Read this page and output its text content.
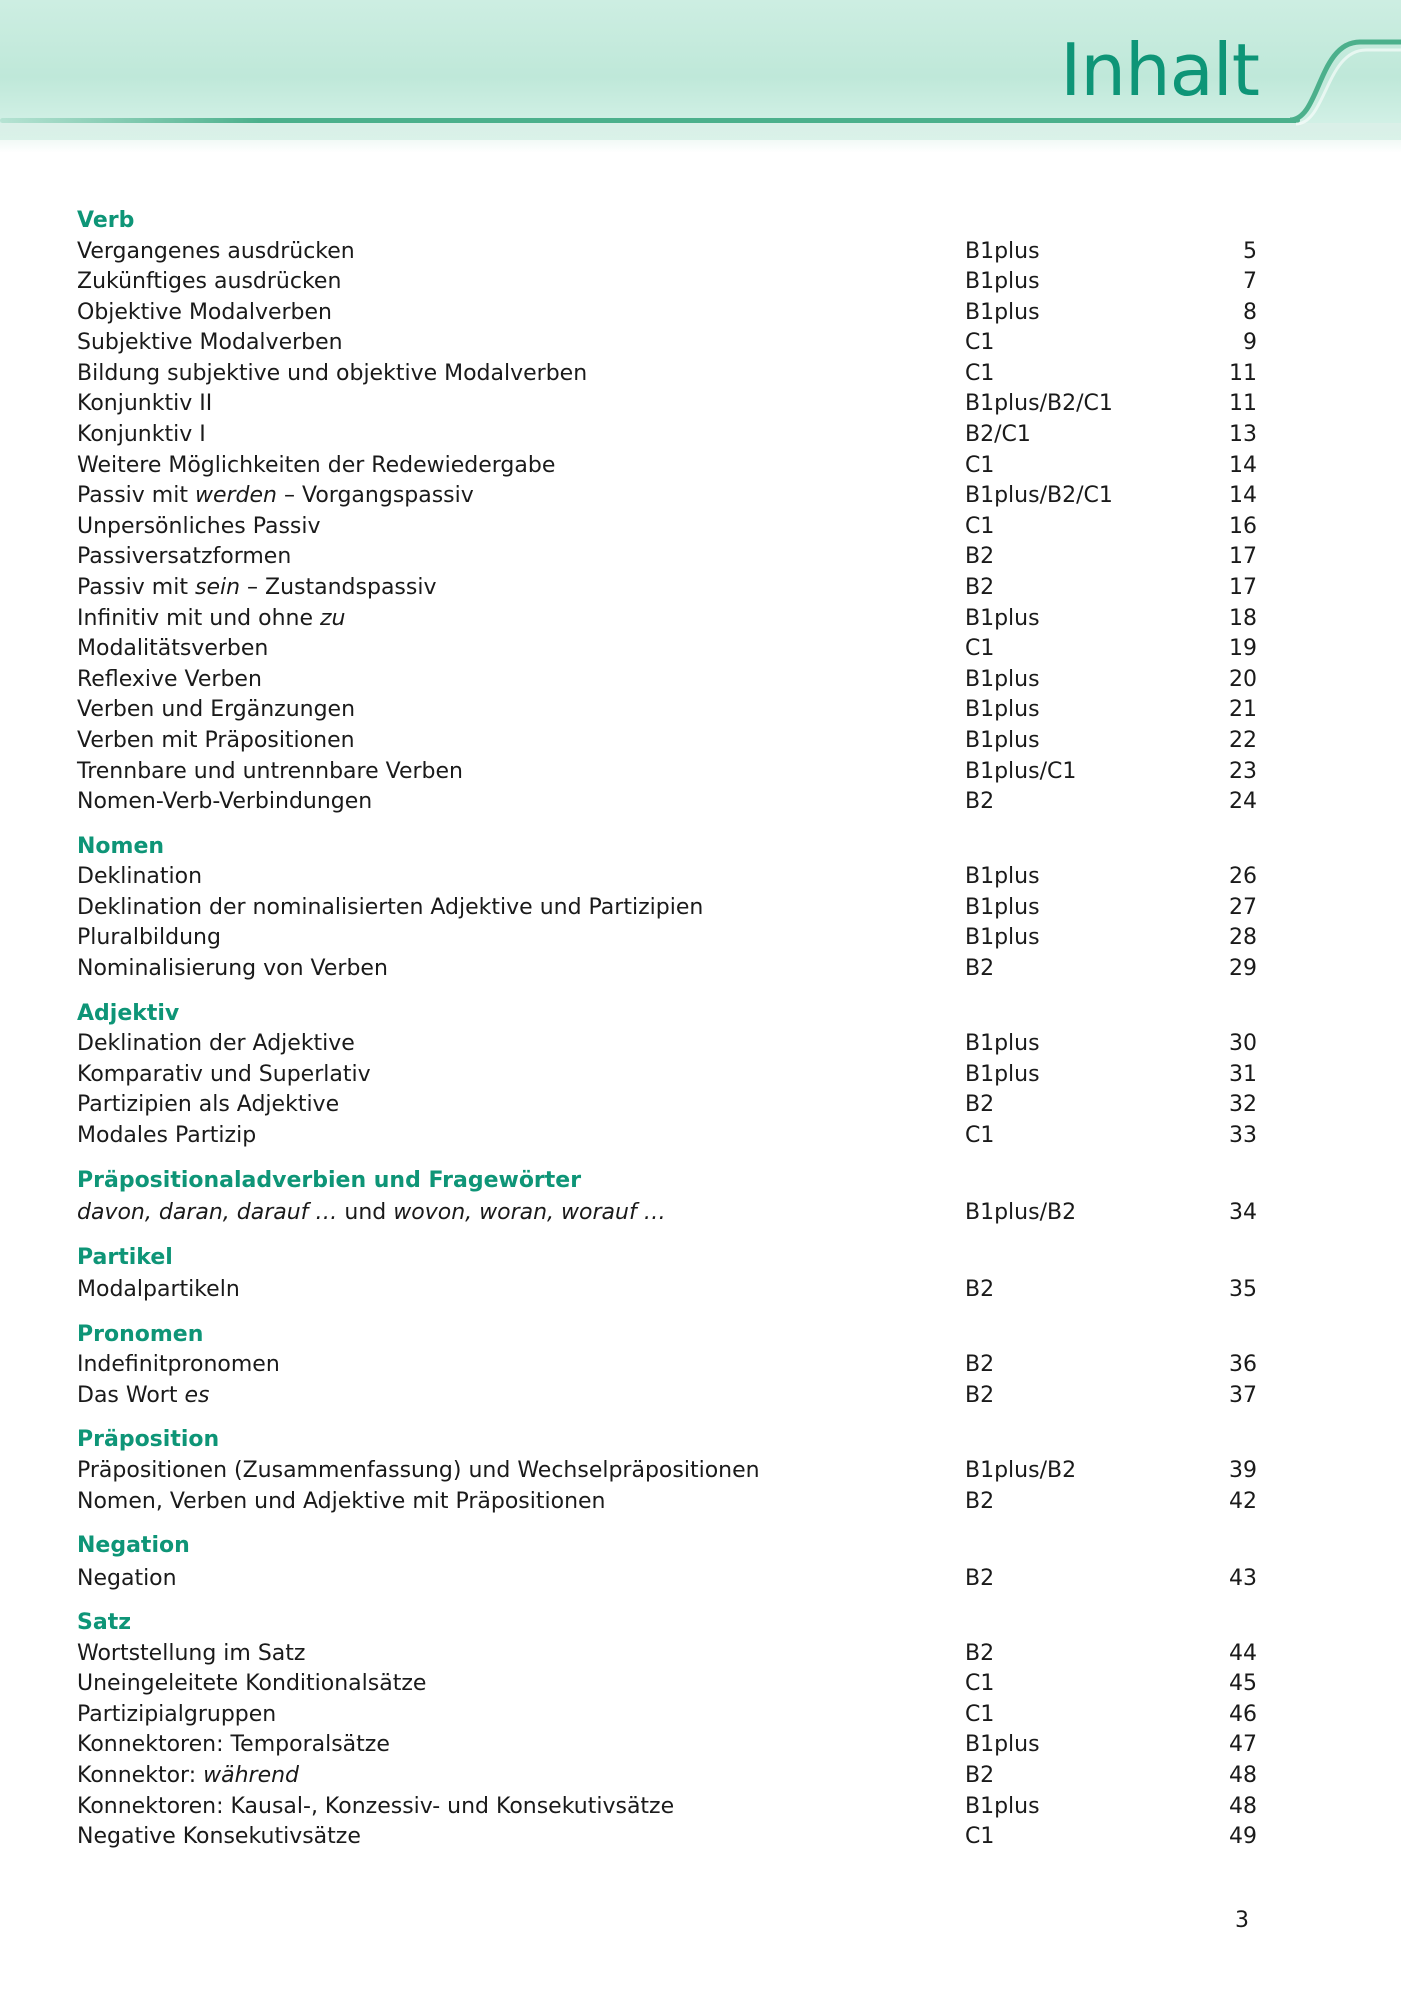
Inhalt
Verb
Vergangenes ausdrücken	B1plus	5
Zukünftiges ausdrücken	B1plus	7
Objektive Modalverben	B1plus	8
Subjektive Modalverben	C1	9
Bildung subjektive und objektive Modalverben	C1	11
Konjunktiv II	B1plus/B2/C1	11
Konjunktiv I	B2/C1	13
Weitere Möglichkeiten der Redewiedergabe	C1	14
Passiv mit werden – Vorgangspassiv	B1plus/B2/C1	14
Unpersönliches Passiv	C1	16
Passiversatzformen	B2	17
Passiv mit sein – Zustandspassiv	B2	17
Infinitiv mit und ohne zu	B1plus	18
Modalitätsverben	C1	19
Reflexive Verben	B1plus	20
Verben und Ergänzungen	B1plus	21
Verben mit Präpositionen	B1plus	22
Trennbare und untrennbare Verben	B1plus/C1	23
Nomen-Verb-Verbindungen	B2	24
Nomen
Deklination	B1plus	26
Deklination der nominalisierten Adjektive und Partizipien	B1plus	27
Pluralbildung	B1plus	28
Nominalisierung von Verben	B2	29
Adjektiv
Deklination der Adjektive	B1plus	30
Komparativ und Superlativ	B1plus	31
Partizipien als Adjektive	B2	32
Modales Partizip	C1	33
Präpositionaladverbien und Fragewörter
davon, daran, darauf … und wovon, woran, worauf …	B1plus/B2	34
Partikel
Modalpartikeln	B2	35
Pronomen
Indefinitpronomen	B2	36
Das Wort es	B2	37
Präposition
Präpositionen (Zusammenfassung) und Wechselpräpositionen	B1plus/B2	39
Nomen, Verben und Adjektive mit Präpositionen	B2	42
Negation
Negation	B2	43
Satz
Wortstellung im Satz	B2	44
Uneingeleitete Konditionalsätze	C1	45
Partizipialgruppen	C1	46
Konnektoren: Temporalsätze	B1plus	47
Konnektor: während	B2	48
Konnektoren: Kausal-, Konzessiv- und Konsekutivsätze	B1plus	48
Negative Konsekutivsätze	C1	49
3
